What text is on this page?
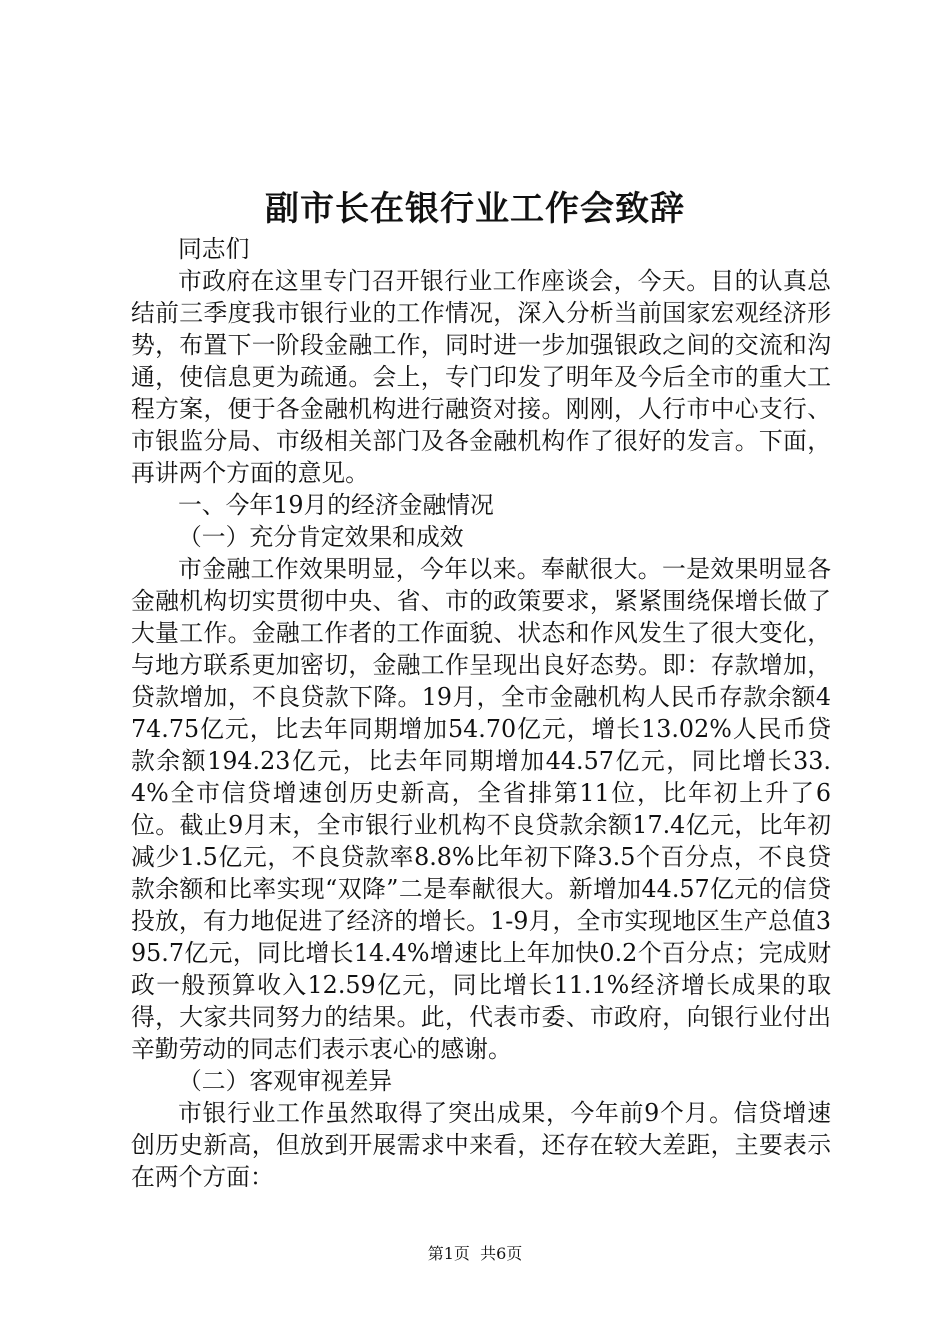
副市长在银行业工作会致辞

同志们

市政府在这里专门召开银行业工作座谈会，今天。目的认真总结前三季度我市银行业的工作情况，深入分析当前国家宏观经济形势，布置下一阶段金融工作，同时进一步加强银政之间的交流和沟通，使信息更为疏通。会上，专门印发了明年及今后全市的重大工程方案，便于各金融机构进行融资对接。刚刚，人行市中心支行、市银监分局、市级相关部门及各金融机构作了很好的发言。下面，再讲两个方面的意见。

一、今年19月的经济金融情况

（一）充分肯定效果和成效

市金融工作效果明显，今年以来。奉献很大。一是效果明显各金融机构切实贯彻中央、省、市的政策要求，紧紧围绕保增长做了大量工作。金融工作者的工作面貌、状态和作风发生了很大变化，与地方联系更加密切，金融工作呈现出良好态势。即：存款增加，贷款增加，不良贷款下降。19月，全市金融机构人民币存款余额474.75亿元，比去年同期增加54.70亿元，增长13.02%人民币贷款余额194.23亿元，比去年同期增加44.57亿元，同比增长33.4%全市信贷增速创历史新高，全省排第11位，比年初上升了6位。截止9月末，全市银行业机构不良贷款余额17.4亿元，比年初减少1.5亿元，不良贷款率8.8%比年初下降3.5个百分点，不良贷款余额和比率实现“双降”二是奉献很大。新增加44.57亿元的信贷投放，有力地促进了经济的增长。1-9月，全市实现地区生产总值395.7亿元，同比增长14.4%增速比上年加快0.2个百分点；完成财政一般预算收入12.59亿元，同比增长11.1%经济增长成果的取得，大家共同努力的结果。此，代表市委、市政府，向银行业付出辛勤劳动的同志们表示衷心的感谢。

（二）客观审视差异

市银行业工作虽然取得了突出成果，今年前9个月。信贷增速创历史新高，但放到开展需求中来看，还存在较大差距，主要表示在两个方面：

第1页 共6页
